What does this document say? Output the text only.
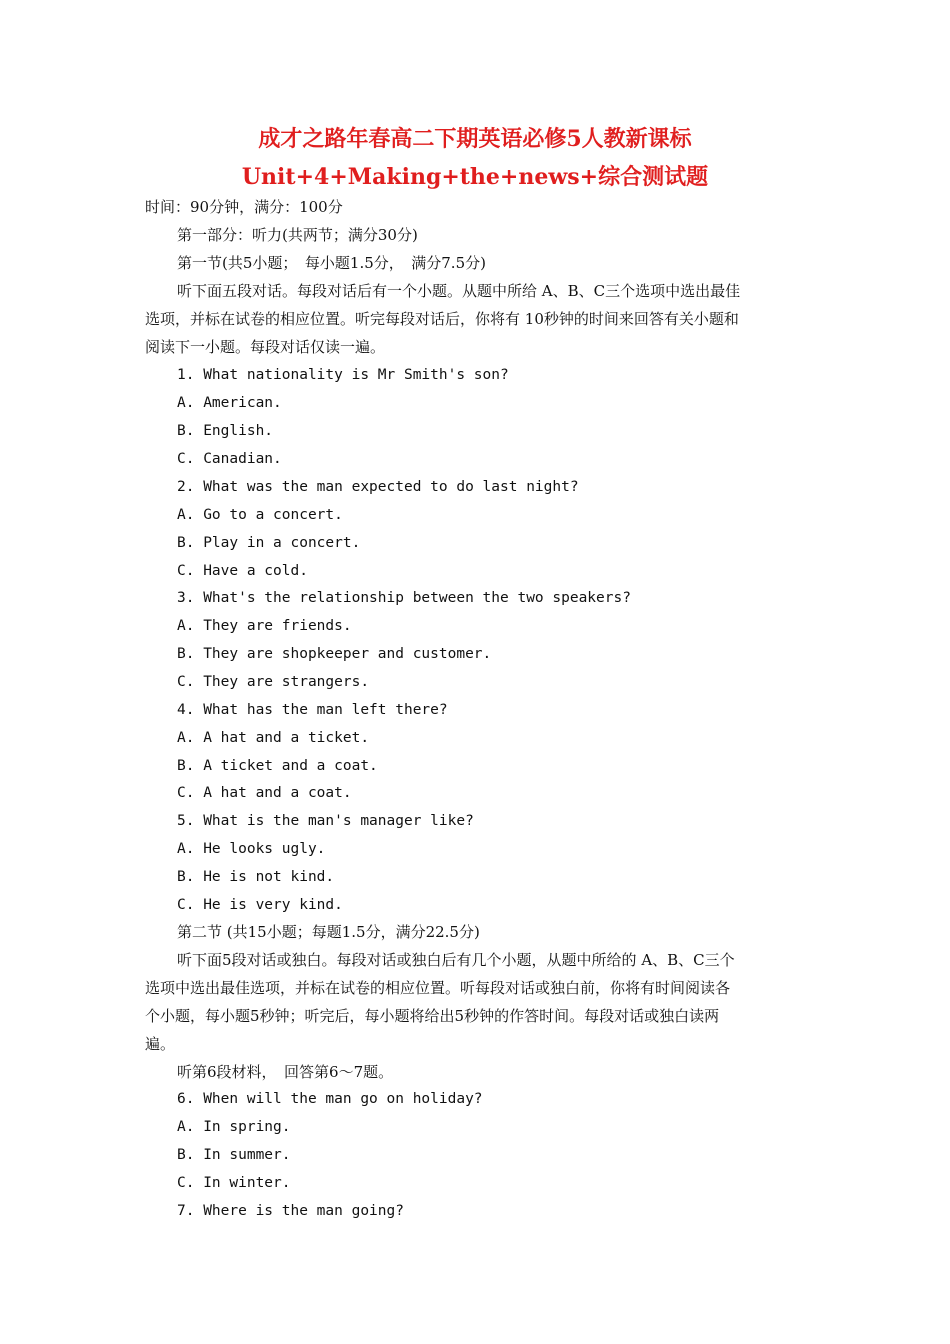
成才之路年春高二下期英语必修5人教新课标
Unit+4+Making+the+news+综合测试题
时间：90分钟，满分：100分
第一部分：听力(共两节；满分30分)
第一节(共5小题；　每小题1.5分，　满分7.5分)
听下面五段对话。每段对话后有一个小题。从题中所给 A、B、C三个选项中选出最佳
选项，并标在试卷的相应位置。听完每段对话后，你将有 10秒钟的时间来回答有关小题和
阅读下一小题。每段对话仅读一遍。
1. What nationality is Mr Smith's son?
A. American.
B. English.
C. Canadian.
2. What was the man expected to do last night?
A. Go to a concert.
B. Play in a concert.
C. Have a cold.
3. What's the relationship between the two speakers?
A. They are friends.
B. They are shopkeeper and customer.
C. They are strangers.
4. What has the man left there?
A. A hat and a ticket.
B. A ticket and a coat.
C. A hat and a coat.
5. What is the man's manager like?
A. He looks ugly.
B. He is not kind.
C. He is very kind.
第二节 (共15小题；每题1.5分，满分22.5分)
听下面5段对话或独白。每段对话或独白后有几个小题，从题中所给的 A、B、C三个
选项中选出最佳选项，并标在试卷的相应位置。听每段对话或独白前，你将有时间阅读各
个小题，每小题5秒钟；听完后，每小题将给出5秒钟的作答时间。每段对话或独白读两
遍。
听第6段材料，　回答第6～7题。
6. When will the man go on holiday?
A. In spring.
B. In summer.
C. In winter.
7. Where is the man going?
